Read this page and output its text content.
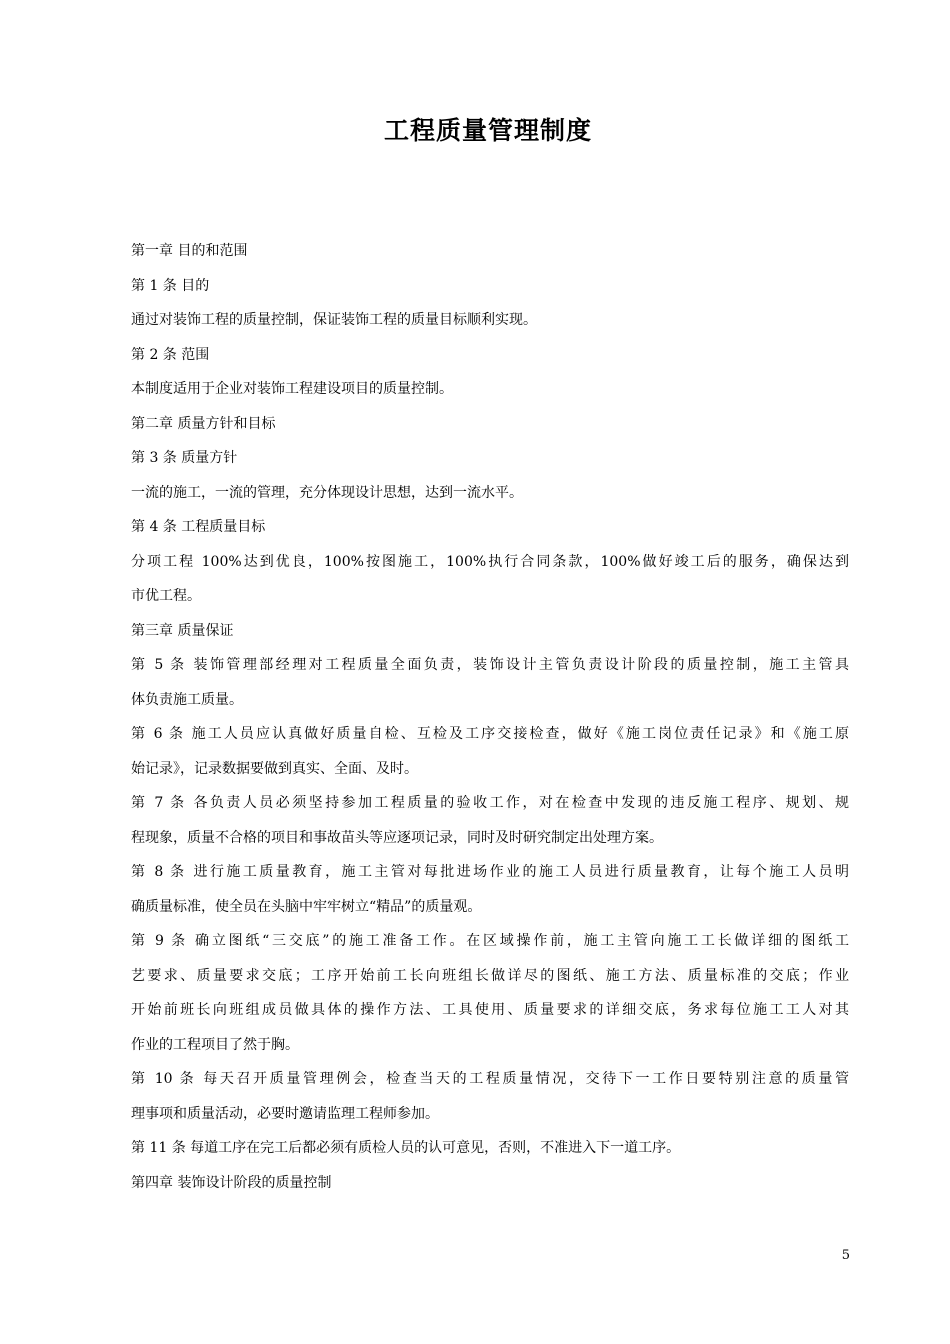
工程质量管理制度
第一章 目的和范围
第 1 条 目的
通过对装饰工程的质量控制，保证装饰工程的质量目标顺利实现。
第 2 条 范围
本制度适用于企业对装饰工程建设项目的质量控制。
第二章 质量方针和目标
第 3 条 质量方针
一流的施工，一流的管理，充分体现设计思想，达到一流水平。
第 4 条 工程质量目标
分项工程 100%达到优良，100%按图施工，100%执行合同条款，100%做好竣工后的服务，确保达到
市优工程。
第三章 质量保证
第 5 条 装饰管理部经理对工程质量全面负责，装饰设计主管负责设计阶段的质量控制，施工主管具
体负责施工质量。
第 6 条 施工人员应认真做好质量自检、互检及工序交接检查，做好《施工岗位责任记录》和《施工原
始记录》，记录数据要做到真实、全面、及时。
第 7 条 各负责人员必须坚持参加工程质量的验收工作，对在检查中发现的违反施工程序、规划、规
程现象，质量不合格的项目和事故苗头等应逐项记录，同时及时研究制定出处理方案。
第 8 条 进行施工质量教育，施工主管对每批进场作业的施工人员进行质量教育，让每个施工人员明
确质量标准，使全员在头脑中牢牢树立“精品”的质量观。
第 9 条 确立图纸“三交底”的施工准备工作。在区域操作前，施工主管向施工工长做详细的图纸工
艺要求、质量要求交底；工序开始前工长向班组长做详尽的图纸、施工方法、质量标准的交底；作业
开始前班长向班组成员做具体的操作方法、工具使用、质量要求的详细交底，务求每位施工工人对其
作业的工程项目了然于胸。
第 10 条 每天召开质量管理例会，检查当天的工程质量情况，交待下一工作日要特别注意的质量管
理事项和质量活动，必要时邀请监理工程师参加。
第 11 条 每道工序在完工后都必须有质检人员的认可意见，否则，不准进入下一道工序。
第四章 装饰设计阶段的质量控制
5
